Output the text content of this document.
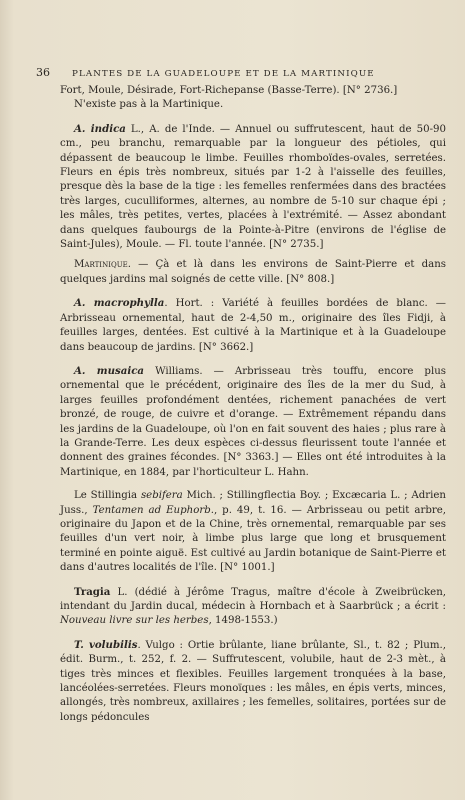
36	PLANTES DE LA GUADELOUPE ET DE LA MARTINIQUE

Fort, Moule, Désirade, Fort-Richepanse (Basse-Terre). [N° 2736.]

N'existe pas à la Martinique.

A. indica L., A. de l'Inde. — Annuel ou suffrutescent, haut de 50-90 cm., peu branchu, remarquable par la longueur des pétioles, qui dépassent de beaucoup le limbe. Feuilles rhomboïdes-ovales, serretées. Fleurs en épis très nombreux, situés par 1-2 à l'aisselle des feuilles, presque dès la base de la tige : les femelles renfermées dans des bractées très larges, cuculliformes, alternes, au nombre de 5-10 sur chaque épi ; les mâles, très petites, vertes, placées à l'extrémité. — Assez abondant dans quelques faubourgs de la Pointe-à-Pitre (environs de l'église de Saint-Jules), Moule. — Fl. toute l'année. [N° 2735.]

Martinique. — Çà et là dans les environs de Saint-Pierre et dans quelques jardins mal soignés de cette ville. [N° 808.]

A. macrophylla. Hort. : Variété à feuilles bordées de blanc. — Arbrisseau ornemental, haut de 2-4,50 m., originaire des îles Fidji, à feuilles larges, dentées. Est cultivé à la Martinique et à la Guadeloupe dans beaucoup de jardins. [N° 3662.]

A. musaica Williams. — Arbrisseau très touffu, encore plus ornemental que le précédent, originaire des îles de la mer du Sud, à larges feuilles profondément dentées, richement panachées de vert bronzé, de rouge, de cuivre et d'orange. — Extrêmement répandu dans les jardins de la Guadeloupe, où l'on en fait souvent des haies ; plus rare à la Grande-Terre. Les deux espèces ci-dessus fleurissent toute l'année et donnent des graines fécondes. [N° 3363.] — Elles ont été introduites à la Martinique, en 1884, par l'horticulteur L. Hahn.

Le Stillingia sebifera Mich. ; Stillingflectia Boy. ; Excæcaria L. ; Adrien Juss., Tentamen ad Euphorb., p. 49, t. 16. — Arbrisseau ou petit arbre, originaire du Japon et de la Chine, très ornemental, remarquable par ses feuilles d'un vert noir, à limbe plus large que long et brusquement terminé en pointe aiguë. Est cultivé au Jardin botanique de Saint-Pierre et dans d'autres localités de l'île. [N° 1001.]

Tragia L. (dédié à Jérôme Tragus, maître d'école à Zweibrücken, intendant du Jardin ducal, médecin à Hornbach et à Saarbrück ; a écrit : Nouveau livre sur les herbes, 1498-1553.)

T. volubilis. Vulgo : Ortie brûlante, liane brûlante, Sl., t. 82 ; Plum., édit. Burm., t. 252, f. 2. — Suffrutescent, volubile, haut de 2-3 mèt., à tiges très minces et flexibles. Feuilles largement tronquées à la base, lancéolées-serretées. Fleurs monoïques : les mâles, en épis verts, minces, allongés, très nombreux, axillaires ; les femelles, solitaires, portées sur de longs pédoncules
